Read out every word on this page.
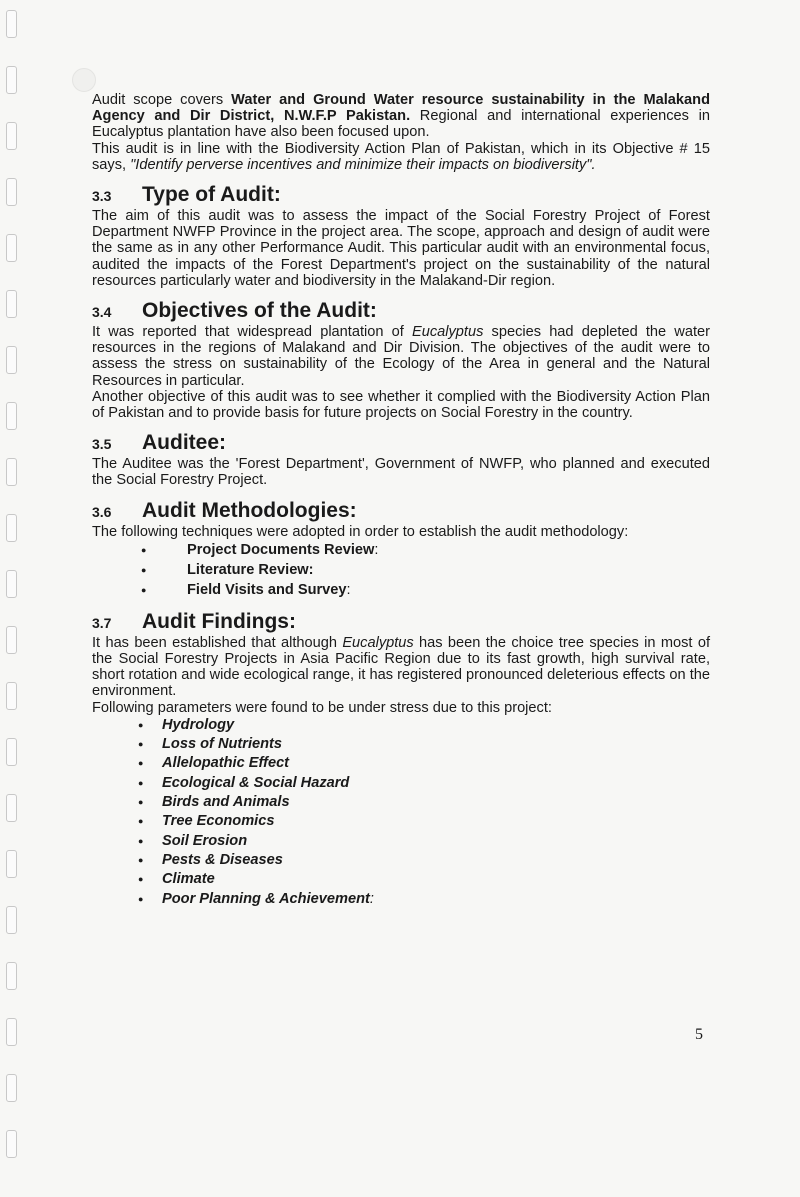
Audit scope covers Water and Ground Water resource sustainability in the Malakand Agency and Dir District, N.W.F.P Pakistan. Regional and international experiences in Eucalyptus plantation have also been focused upon.

This audit is in line with the Biodiversity Action Plan of Pakistan, which in its Objective # 15 says, "Identify perverse incentives and minimize their impacts on biodiversity".

3.3	Type of Audit:

The aim of this audit was to assess the impact of the Social Forestry Project of Forest Department NWFP Province in the project area. The scope, approach and design of audit were the same as in any other Performance Audit. This particular audit with an environmental focus, audited the impacts of the Forest Department's project on the sustainability of the natural resources particularly water and biodiversity in the Malakand-Dir region.

3.4	Objectives of the Audit:

It was reported that widespread plantation of Eucalyptus species had depleted the water resources in the regions of Malakand and Dir Division. The objectives of the audit were to assess the stress on sustainability of the Ecology of the Area in general and the Natural Resources in particular.

Another objective of this audit was to see whether it complied with the Biodiversity Action Plan of Pakistan and to provide basis for future projects on Social Forestry in the country.

3.5	Auditee:

The Auditee was the 'Forest Department', Government of NWFP, who planned and executed the Social Forestry Project.

3.6	Audit Methodologies:

The following techniques were adopted in order to establish the audit methodology:

● Project Documents Review:
● Literature Review:
● Field Visits and Survey:
3.7	Audit Findings:

It has been established that although Eucalyptus has been the choice tree species in most of the Social Forestry Projects in Asia Pacific Region due to its fast growth, high survival rate, short rotation and wide ecological range, it has registered pronounced deleterious effects on the environment.

Following parameters were found to be under stress due to this project:

● Hydrology
● Loss of Nutrients
● Allelopathic Effect
● Ecological & Social Hazard
● Birds and Animals
● Tree Economics
● Soil Erosion
● Pests & Diseases
● Climate
● Poor Planning & Achievement:
5
